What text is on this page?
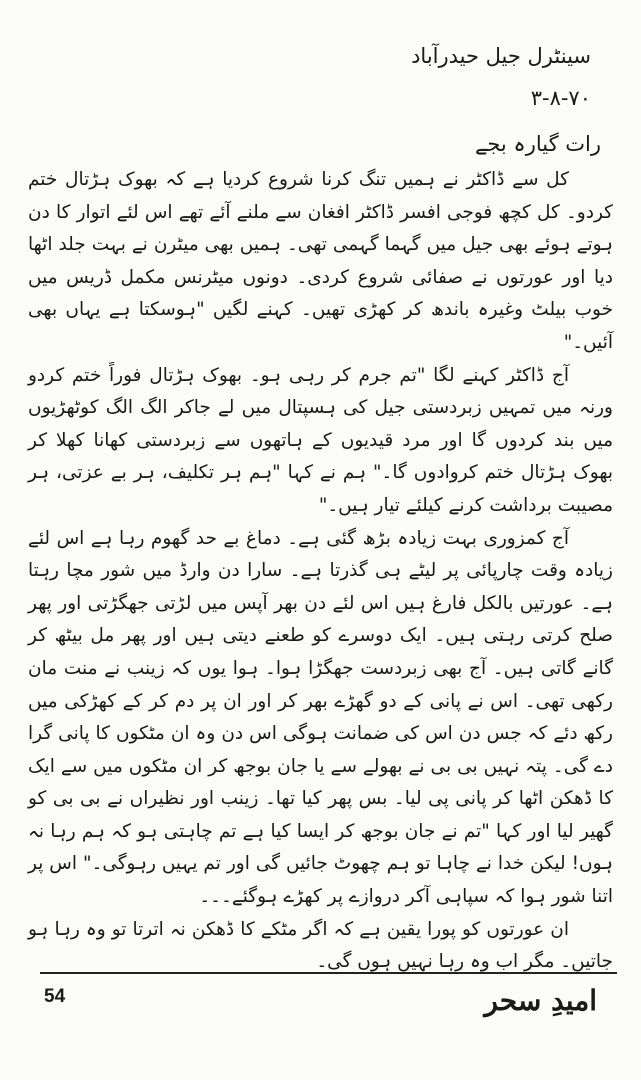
سینٹرل جیل حیدرآباد
۳-۸-۷۰
رات گیارہ بجے

کل سے ڈاکٹر نے ہمیں تنگ کرنا شروع کردیا ہے کہ بھوک ہڑتال ختم کردو۔ کل کچھ فوجی افسر ڈاکٹر افغان سے ملنے آئے تھے اس لئے اتوار کا دن ہوتے ہوئے بھی جیل میں گہما گہمی تھی۔ ہمیں بھی میٹرن نے بہت جلد اٹھا دیا اور عورتوں نے صفائی شروع کردی۔ دونوں میٹرنس مکمل ڈریس میں خوب بیلٹ وغیرہ باندھ کر کھڑی تھیں۔ کہنے لگیں "ہوسکتا ہے یہاں بھی آئیں۔"

آج ڈاکٹر کہنے لگا "تم جرم کر رہی ہو۔ بھوک ہڑتال فوراً ختم کردو ورنہ میں تمہیں زبردستی جیل کی ہسپتال میں لے جاکر الگ الگ کوٹھڑیوں میں بند کردوں گا اور مرد قیدیوں کے ہاتھوں سے زبردستی کھانا کھلا کر بھوک ہڑتال ختم کروادوں گا۔" ہم نے کہا "ہم ہر تکلیف، ہر بے عزتی، ہر مصیبت برداشت کرنے کیلئے تیار ہیں۔"

آج کمزوری بہت زیادہ بڑھ گئی ہے۔ دماغ بے حد گھوم رہا ہے اس لئے زیادہ وقت چارپائی پر لیٹے ہی گذرتا ہے۔ سارا دن وارڈ میں شور مچا رہتا ہے۔ عورتیں بالکل فارغ ہیں اس لئے دن بھر آپس میں لڑتی جھگڑتی اور پھر صلح کرتی رہتی ہیں۔ ایک دوسرے کو طعنے دیتی ہیں اور پھر مل بیٹھ کر گانے گاتی ہیں۔ آج بھی زبردست جھگڑا ہوا۔ ہوا یوں کہ زینب نے منت مان رکھی تھی۔ اس نے پانی کے دو گھڑے بھر کر اور ان پر دم کر کے کھڑکی میں رکھ دئے کہ جس دن اس کی ضمانت ہوگی اس دن وہ ان مٹکوں کا پانی گرا دے گی۔ پتہ نہیں بی بی نے بھولے سے یا جان بوجھ کر ان مٹکوں میں سے ایک کا ڈھکن اٹھا کر پانی پی لیا۔ بس پھر کیا تھا۔ زینب اور نظیراں نے بی بی کو گھیر لیا اور کہا "تم نے جان بوجھ کر ایسا کیا ہے تم چاہتی ہو کہ ہم رہا نہ ہوں! لیکن خدا نے چاہا تو ہم چھوٹ جائیں گی اور تم یہیں رہوگی۔" اس پر اتنا شور ہوا کہ سپاہی آکر دروازے پر کھڑے ہوگئے۔۔۔

ان عورتوں کو پورا یقین ہے کہ اگر مٹکے کا ڈھکن نہ اترتا تو وہ رہا ہو جاتیں۔ مگر اب وہ رہا نہیں ہوں گی۔

54	امیدِ سحر
